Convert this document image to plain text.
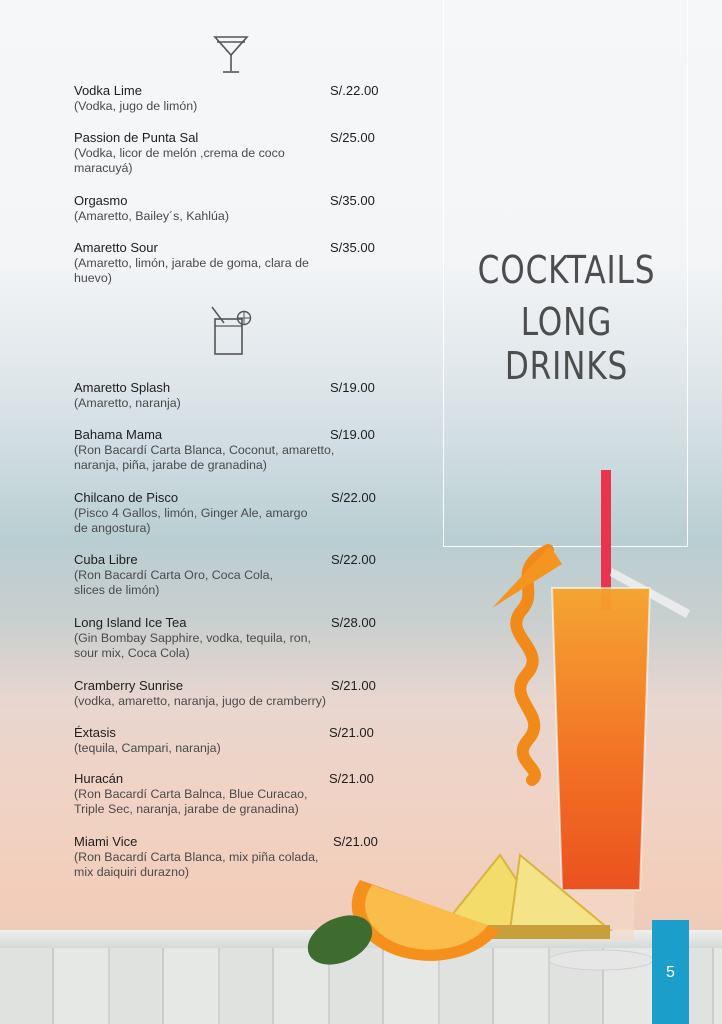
Vodka Lime
(Vodka, jugo de limón)
S/.22.00
Passion de Punta Sal
(Vodka, licor de melón ,crema de coco maracuyá)
S/25.00
Orgasmo
(Amaretto, Bailey´s, Kahlúa)
S/35.00
Amaretto Sour
(Amaretto, limón, jarabe de goma, clara de huevo)
S/35.00
Amaretto Splash
(Amaretto, naranja)
S/19.00
Bahama Mama
(Ron Bacardí Carta Blanca, Coconut, amaretto, naranja, piña, jarabe de granadina)
S/19.00
Chilcano de Pisco
(Pisco 4 Gallos, limón, Ginger Ale, amargo de angostura)
S/22.00
Cuba Libre
(Ron Bacardí Carta Oro, Coca Cola, slices de limón)
S/22.00
Long Island Ice Tea
(Gin Bombay Sapphire, vodka, tequila, ron, sour mix, Coca Cola)
S/28.00
Cramberry Sunrise
(vodka, amaretto, naranja, jugo de cramberry)
S/21.00
Éxtasis
(tequila, Campari, naranja)
S/21.00
Huracán
(Ron Bacardí Carta Balnca, Blue Curacao, Triple Sec, naranja, jarabe de granadina)
S/21.00
Miami Vice
(Ron Bacardí Carta Blanca, mix piña colada, mix daiquiri durazno)
S/21.00
COCKTAILS
LONG DRINKS
5
